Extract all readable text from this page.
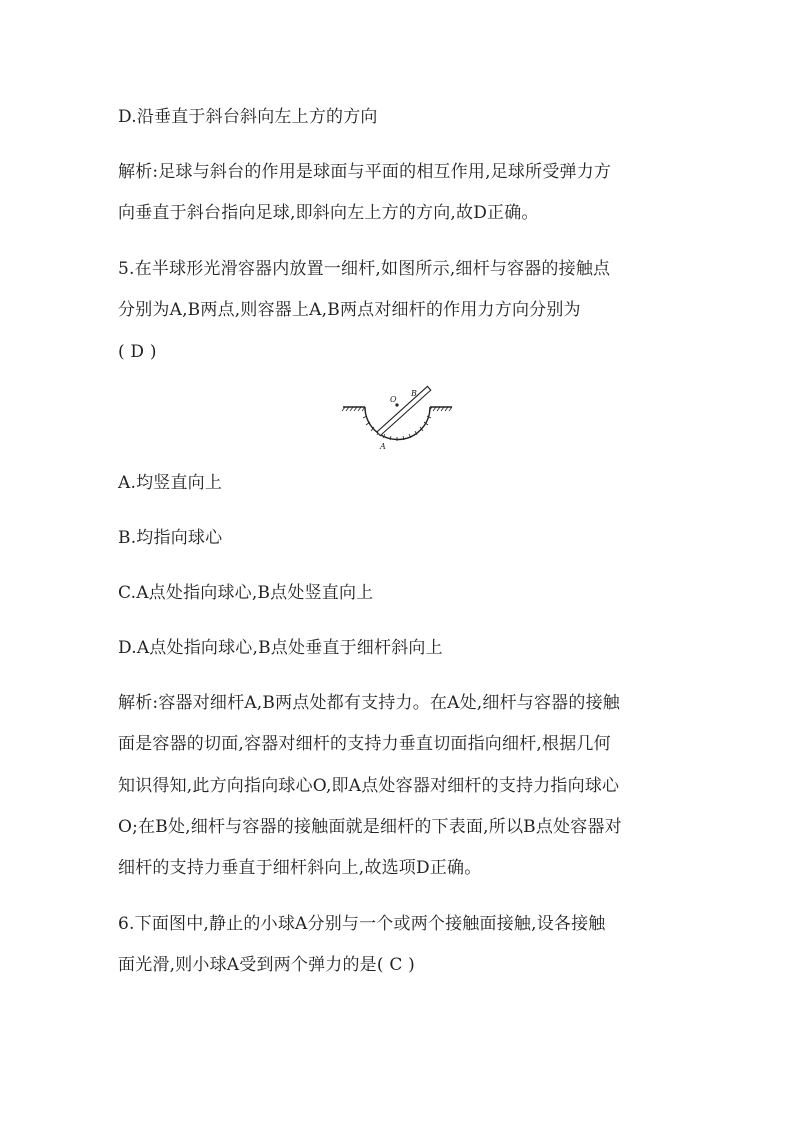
D.沿垂直于斜台斜向左上方的方向
解析:足球与斜台的作用是球面与平面的相互作用,足球所受弹力方
向垂直于斜台指向足球,即斜向左上方的方向,故D正确。
5.在半球形光滑容器内放置一细杆,如图所示,细杆与容器的接触点
分别为A,B两点,则容器上A,B两点对细杆的作用力方向分别为
( D )
O
B
A
A.均竖直向上
B.均指向球心
C.A点处指向球心,B点处竖直向上
D.A点处指向球心,B点处垂直于细杆斜向上
解析:容器对细杆A,B两点处都有支持力。在A处,细杆与容器的接触
面是容器的切面,容器对细杆的支持力垂直切面指向细杆,根据几何
知识得知,此方向指向球心O,即A点处容器对细杆的支持力指向球心
O;在B处,细杆与容器的接触面就是细杆的下表面,所以B点处容器对
细杆的支持力垂直于细杆斜向上,故选项D正确。
6.下面图中,静止的小球A分别与一个或两个接触面接触,设各接触
面光滑,则小球A受到两个弹力的是( C )
